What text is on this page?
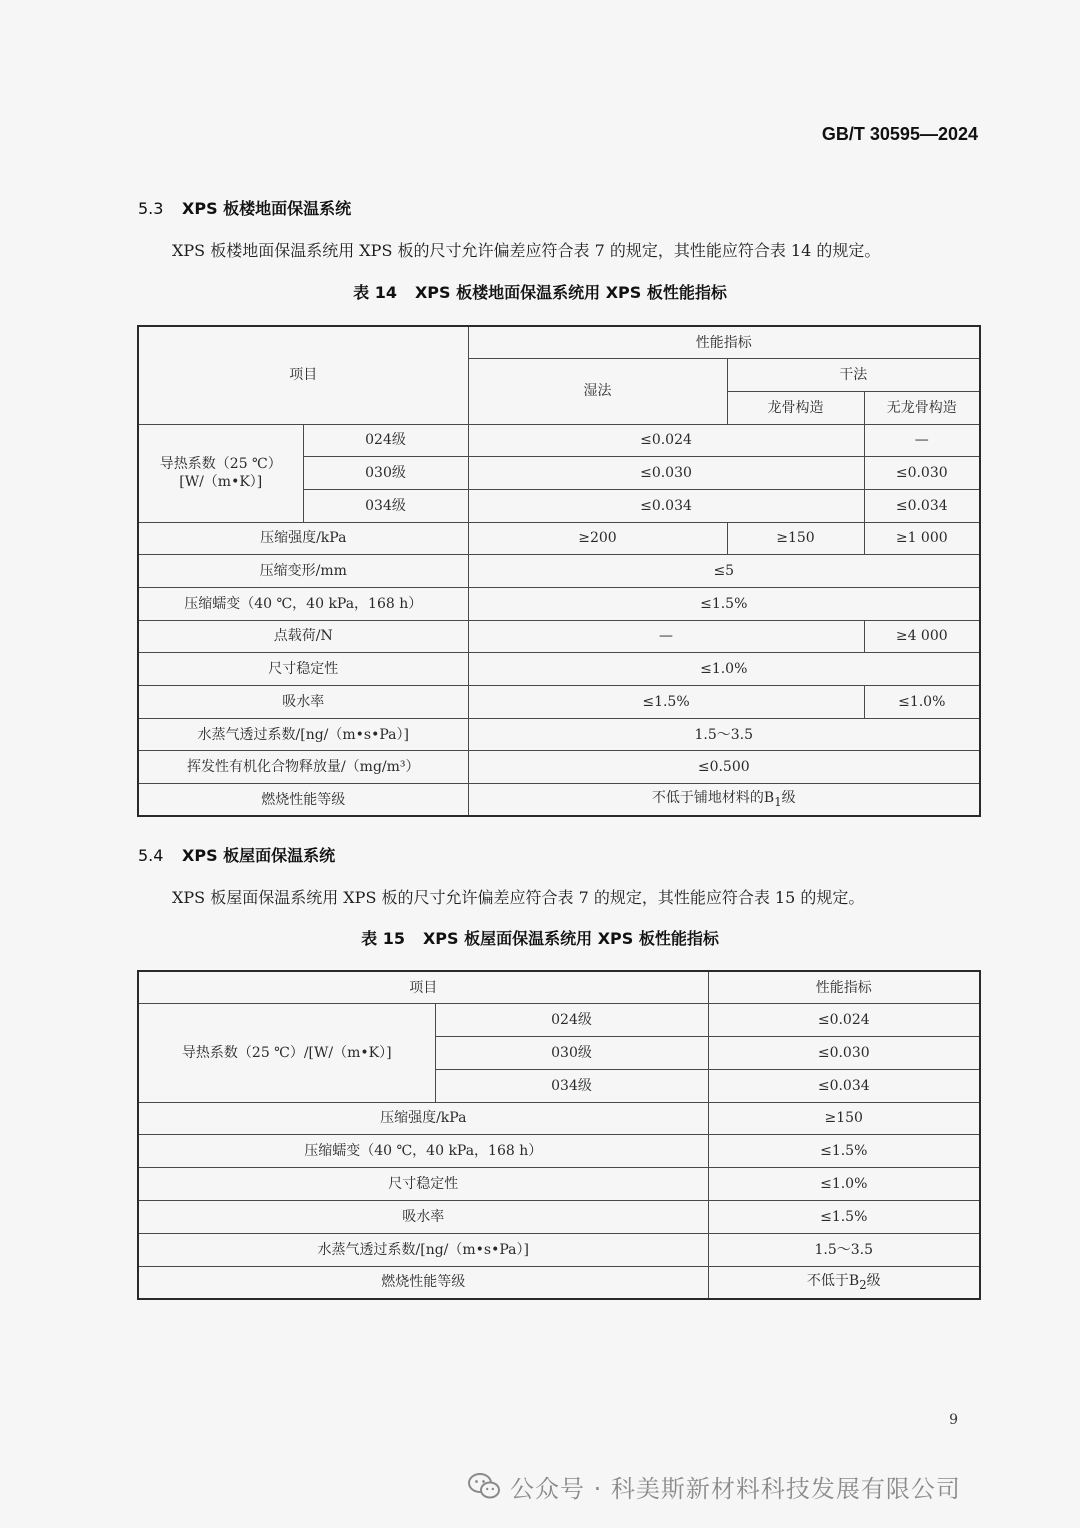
GB/T 30595—2024
5.3 XPS 板楼地面保温系统
XPS 板楼地面保温系统用 XPS 板的尺寸允许偏差应符合表 7 的规定，其性能应符合表 14 的规定。
表 14 XPS 板楼地面保温系统用 XPS 板性能指标
项目		性能指标		
		湿法	干法	
			龙骨构造	无龙骨构造

导热系数（25 ℃）
[W/（m•K）]	024级	≤0.024		—
	030级	≤0.030		≤0.030
	034级	≤0.034		≤0.034
压缩强度/kPa		≥200	≥150	≥1 000
压缩变形/mm		≤5		
压缩蠕变（40 ℃，40 kPa，168 h）		≤1.5%		
点载荷/N		—		≥4 000
尺寸稳定性		≤1.0%		
吸水率		≤1.5%		≤1.0%
水蒸气透过系数/[ng/（m•s•Pa）]		1.5～3.5		
挥发性有机化合物释放量/（mg/m³）		≤0.500		
燃烧性能等级		不低于铺地材料的$B_1$级		
5.4 XPS 板屋面保温系统
XPS 板屋面保温系统用 XPS 板的尺寸允许偏差应符合表 7 的规定，其性能应符合表 15 的规定。
表 15 XPS 板屋面保温系统用 XPS 板性能指标
项目		性能指标
导热系数（25 ℃）/[W/（m•K）]	024级	≤0.024
	030级	≤0.030
	034级	≤0.034
压缩强度/kPa		≥150
压缩蠕变（40 ℃，40 kPa，168 h）		≤1.5%
尺寸稳定性		≤1.0%
吸水率		≤1.5%
水蒸气透过系数/[ng/（m•s•Pa）]		1.5～3.5
燃烧性能等级		不低于$B_2$级
9
公众号 · 科美斯新材料科技发展有限公司
